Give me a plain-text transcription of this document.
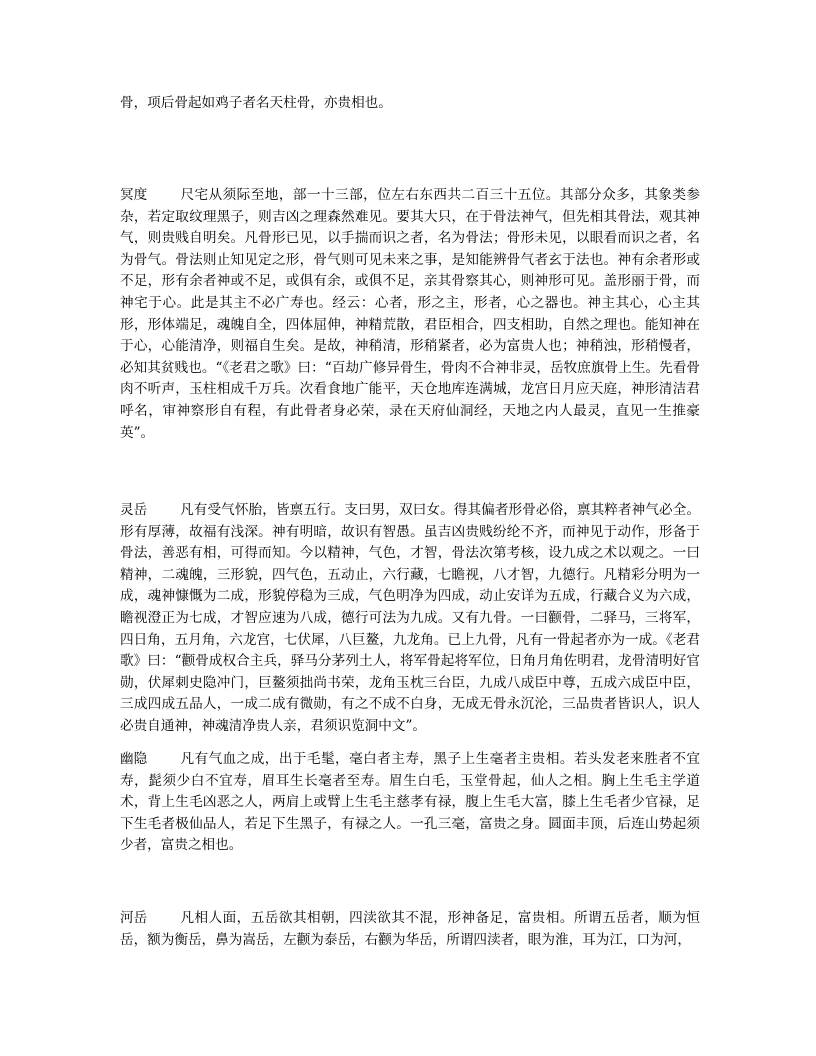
骨，项后骨起如鸡子者名天柱骨，亦贵相也。

冥度 尺宅从须际至地，部一十三部，位左右东西共二百三十五位。其部分众多，其象类参杂，若定取纹理黑子，则吉凶之理森然难见。要其大只，在于骨法神气，但先相其骨法，观其神气，则贵贱自明矣。凡骨形已见，以手揣而识之者，名为骨法；骨形未见，以眼看而识之者，名为骨气。骨法则止知见定之形，骨气则可见未来之事，是知能辨骨气者玄于法也。神有余者形或不足，形有余者神或不足，或俱有余，或俱不足，亲其骨察其心，则神形可见。盖形丽于骨，而神宅于心。此是其主不必广寿也。经云：心者，形之主，形者，心之器也。神主其心，心主其形，形体端足，魂魄自全，四体屈伸，神精荒散，君臣相合，四支相助，自然之理也。能知神在于心，心能清净，则福自生矣。是故，神稍清，形稍紧者，必为富贵人也；神稍浊，形稍慢者，必知其贫贱也。“《老君之歌》曰：“百劫广修异骨生，骨肉不合神非灵，岳牧庶旗骨上生。先看骨肉不听声，玉柱相成千万兵。次看食地广能平，天仓地库连满城，龙宫日月应天庭，神形清洁君呼名，审神察形自有程，有此骨者身必荣，录在天府仙洞经，天地之内人最灵，直见一生推豪英”。

灵岳 凡有受气怀胎，皆禀五行。支曰男，双曰女。得其偏者形骨必俗，禀其粹者神气必全。形有厚薄，故福有浅深。神有明暗，故识有智愚。虽吉凶贵贱纷纶不齐，而神见于动作，形备于骨法，善恶有相，可得而知。今以精神，气色，才智，骨法次第考核，设九成之术以观之。一曰精神，二魂魄，三形貌，四气色，五动止，六行藏，七瞻视，八才智，九德行。凡精彩分明为一成，魂神慷慨为二成，形貌停稳为三成，气色明净为四成，动止安详为五成，行藏合义为六成，瞻视澄正为七成，才智应速为八成，德行可法为九成。又有九骨。一曰颧骨，二驿马，三将军，四日角，五月角，六龙宫，七伏犀，八巨鳌，九龙角。已上九骨，凡有一骨起者亦为一成。《老君歌》曰：“颧骨成权合主兵，驿马分茅列土人，将军骨起将军位，日角月角佐明君，龙骨清明好官勋，伏犀刺史隐冲门，巨鳌须拙尚书荣，龙角玉枕三台臣，九成八成臣中尊，五成六成臣中臣，三成四成五品人，一成二成有微勋，有之不成不白身，无成无骨永沉沦，三品贵者皆识人，识人必贵自通神，神魂清净贵人亲，君须识览洞中文”。

幽隐 凡有气血之成，出于毛髦，毫白者主寿，黑子上生毫者主贵相。若头发老来胜者不宜寿，髭须少白不宜寿，眉耳生长毫者至寿。眉生白毛，玉堂骨起，仙人之相。胸上生毛主学道术，背上生毛凶恶之人，两肩上或臂上生毛主慈孝有禄，腹上生毛大富，膝上生毛者少官禄，足下生毛者极仙品人，若足下生黑子，有禄之人。一孔三毫，富贵之身。圆面丰顶，后连山势起须少者，富贵之相也。

河岳 凡相人面，五岳欲其相朝，四渎欲其不混，形神备足，富贵相。所谓五岳者，顺为恒岳，额为衡岳，鼻为嵩岳，左颧为泰岳，右颧为华岳，所谓四渎者，眼为淮，耳为江，口为河，
